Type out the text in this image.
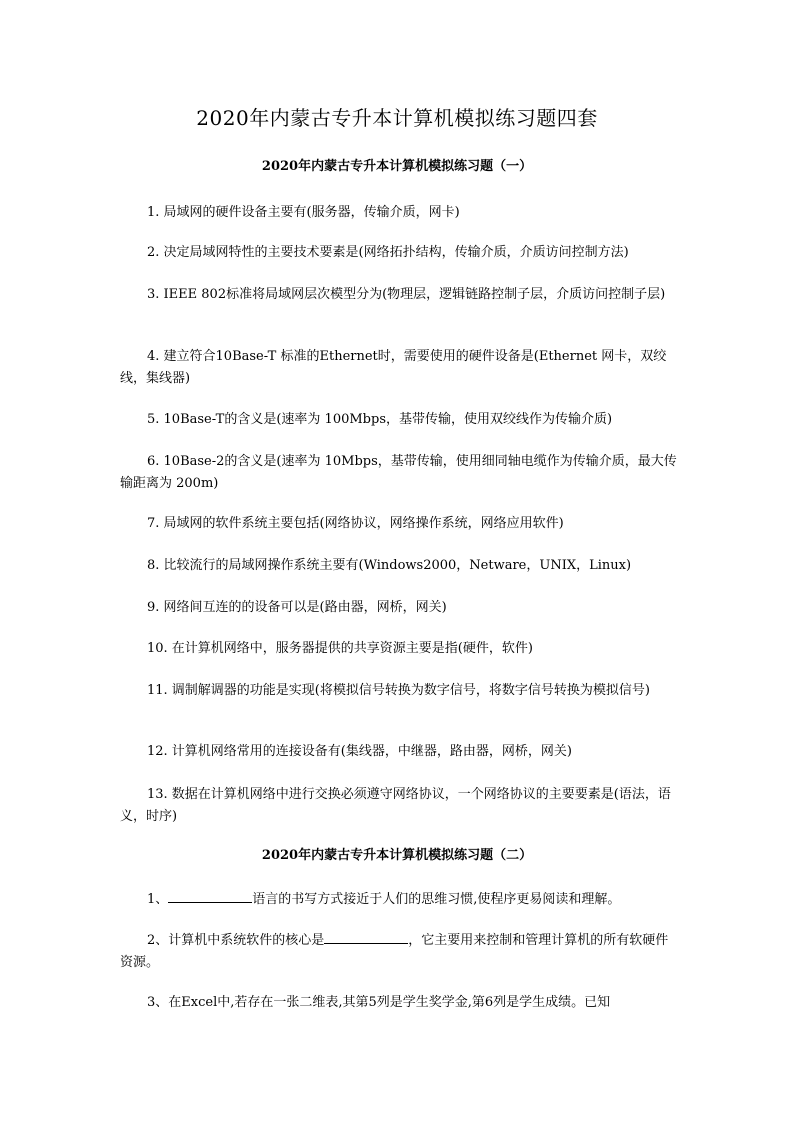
2020年内蒙古专升本计算机模拟练习题四套
2020年内蒙古专升本计算机模拟练习题（一）

1. 局域网的硬件设备主要有(服务器，传输介质，网卡)

2. 决定局域网特性的主要技术要素是(网络拓扑结构，传输介质，介质访问控制方法)

3. IEEE 802标准将局域网层次模型分为(物理层，逻辑链路控制子层，介质访问控制子层)

4. 建立符合10Base-T 标准的Ethernet时，需要使用的硬件设备是(Ethernet 网卡，双绞线，集线器)

5. 10Base-T的含义是(速率为 100Mbps，基带传输，使用双绞线作为传输介质)

6. 10Base-2的含义是(速率为 10Mbps，基带传输，使用细同轴电缆作为传输介质，最大传输距离为 200m)

7. 局域网的软件系统主要包括(网络协议，网络操作系统，网络应用软件)

8. 比较流行的局域网操作系统主要有(Windows2000，Netware，UNIX，Linux)

9. 网络间互连的的设备可以是(路由器，网桥，网关)

10. 在计算机网络中，服务器提供的共享资源主要是指(硬件，软件)

11. 调制解调器的功能是实现(将模拟信号转换为数字信号，将数字信号转换为模拟信号)

12. 计算机网络常用的连接设备有(集线器，中继器，路由器，网桥，网关)

13. 数据在计算机网络中进行交换必须遵守网络协议，一个网络协议的主要要素是(语法，语义，时序)

2020年内蒙古专升本计算机模拟练习题（二）

1、	语言的书写方式接近于人们的思维习惯,使程序更易阅读和理解。

2、计算机中系统软件的核心是	，它主要用来控制和管理计算机的所有软硬件资源。

3、在Excel中,若存在一张二维表,其第5列是学生奖学金,第6列是学生成绩。已知
